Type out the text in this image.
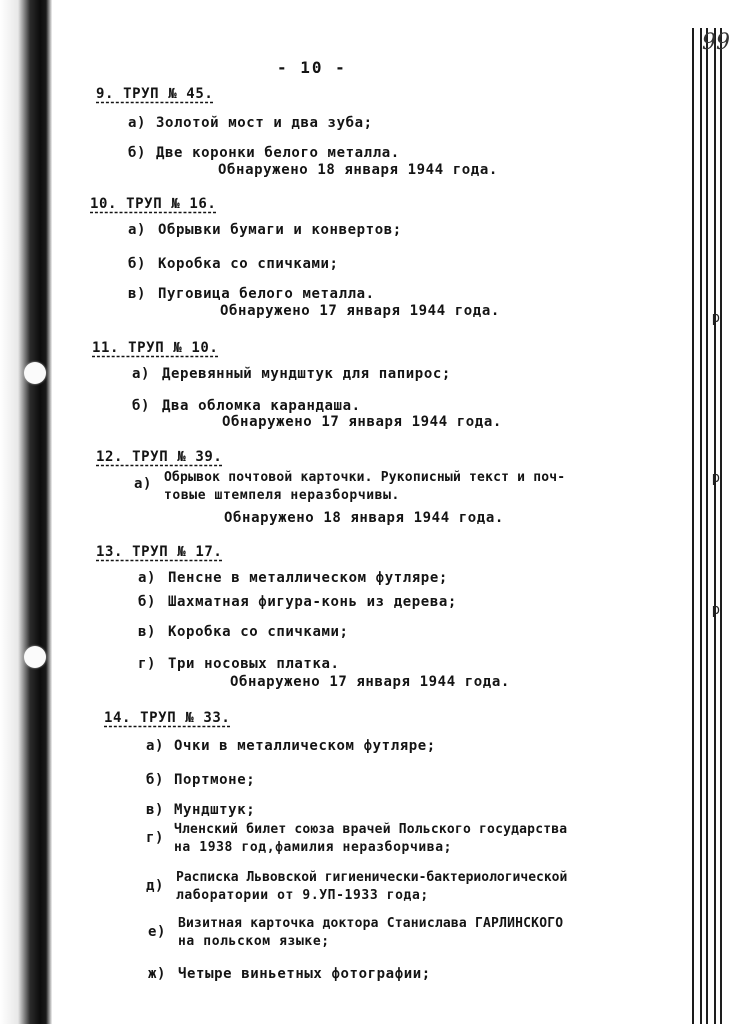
99
р
р
р
- 10 -
9. ТРУП № 45.
а) Золотой мост и два зуба;
б) Две коронки белого металла.
Обнаружено 18 января 1944 года.
10. ТРУП № 16.
а) Обрывки бумаги и конвертов;
б) Коробка со спичками;
в) Пуговица белого металла.
Обнаружено 17 января 1944 года.
11. ТРУП № 10.
а) Деревянный мундштук для папирос;
б) Два обломка карандаша.
Обнаружено 17 января 1944 года.
12. ТРУП № 39.
а) Обрывок почтовой карточки. Рукописный текст и поч-
товые штемпеля неразборчивы.
Обнаружено 18 января 1944 года.
13. ТРУП № 17.
а) Пенсне в металлическом футляре;
б) Шахматная фигура-конь из дерева;
в) Коробка со спичками;
г) Три носовых платка.
Обнаружено 17 января 1944 года.
14. ТРУП № 33.
а) Очки в металлическом футляре;
б) Портмоне;
в) Мундштук;
г)
Членский билет союза врачей Польского государства
на 1938 год,фамилия неразборчива;
д)
Расписка Львовской гигиенически-бактериологической
лаборатории от 9.УП-1933 года;
е)
Визитная карточка доктора Станислава ГАРЛИНСКОГО
на польском языке;
ж) Четыре виньетных фотографии;
